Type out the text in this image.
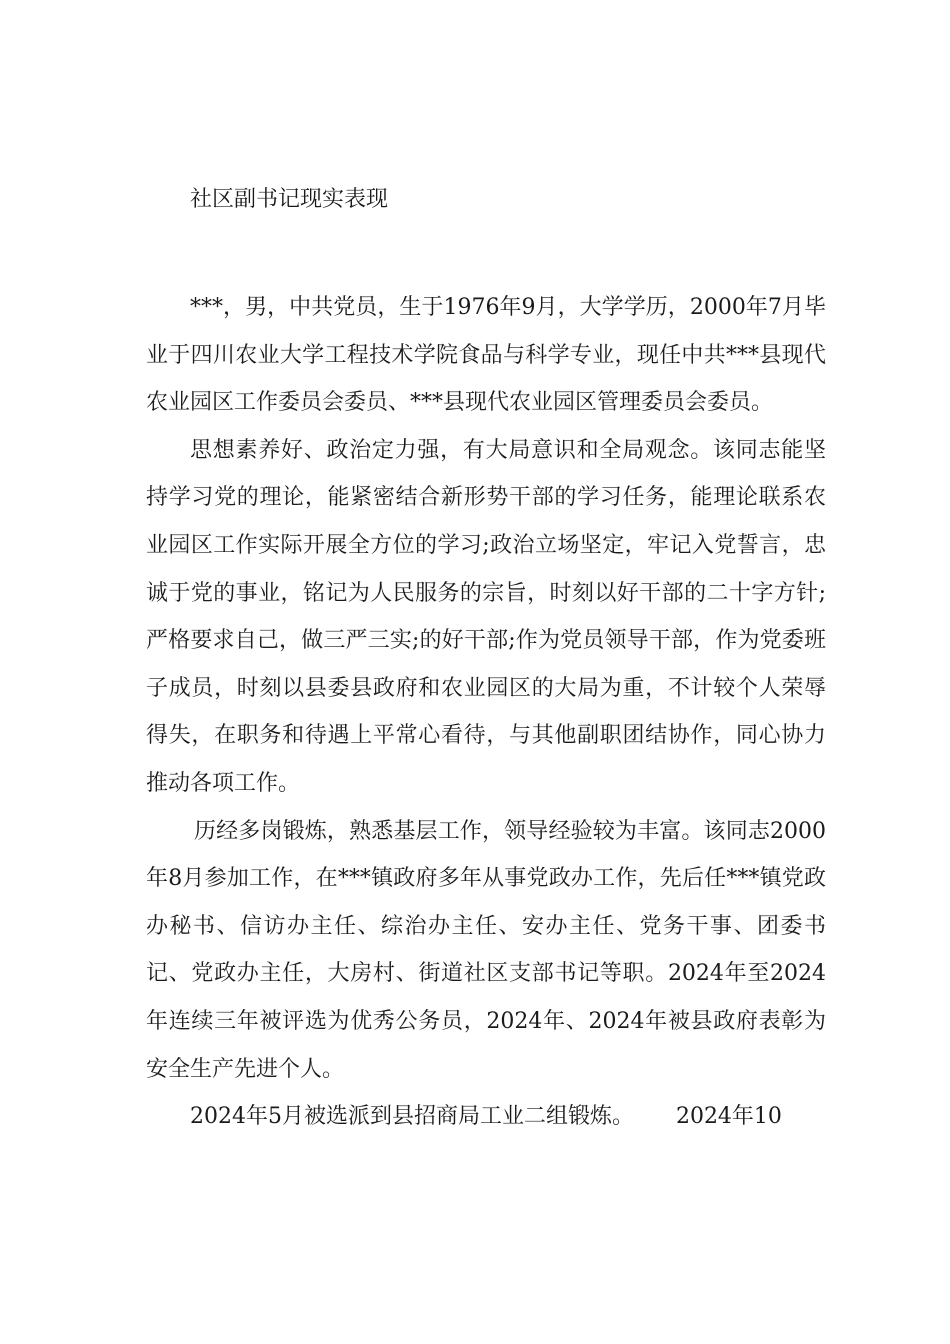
社区副书记现实表现

***，男，中共党员，生于1976年9月，大学学历，2000年7月毕业于四川农业大学工程技术学院食品与科学专业，现任中共***县现代农业园区工作委员会委员、***县现代农业园区管理委员会委员。

思想素养好、政治定力强，有大局意识和全局观念。该同志能坚持学习党的理论，能紧密结合新形势干部的学习任务，能理论联系农业园区工作实际开展全方位的学习;政治立场坚定，牢记入党誓言，忠诚于党的事业，铭记为人民服务的宗旨，时刻以好干部的二十字方针;严格要求自己，做三严三实;的好干部;作为党员领导干部，作为党委班子成员，时刻以县委县政府和农业园区的大局为重，不计较个人荣辱得失，在职务和待遇上平常心看待，与其他副职团结协作，同心协力推动各项工作。

历经多岗锻炼，熟悉基层工作，领导经验较为丰富。该同志2000年8月参加工作，在***镇政府多年从事党政办工作，先后任***镇党政办秘书、信访办主任、综治办主任、安办主任、党务干事、团委书记、党政办主任，大房村、街道社区支部书记等职。2024年至2024年连续三年被评选为优秀公务员，2024年、2024年被县政府表彰为安全生产先进个人。

2024年5月被选派到县招商局工业二组锻炼。      2024年10
